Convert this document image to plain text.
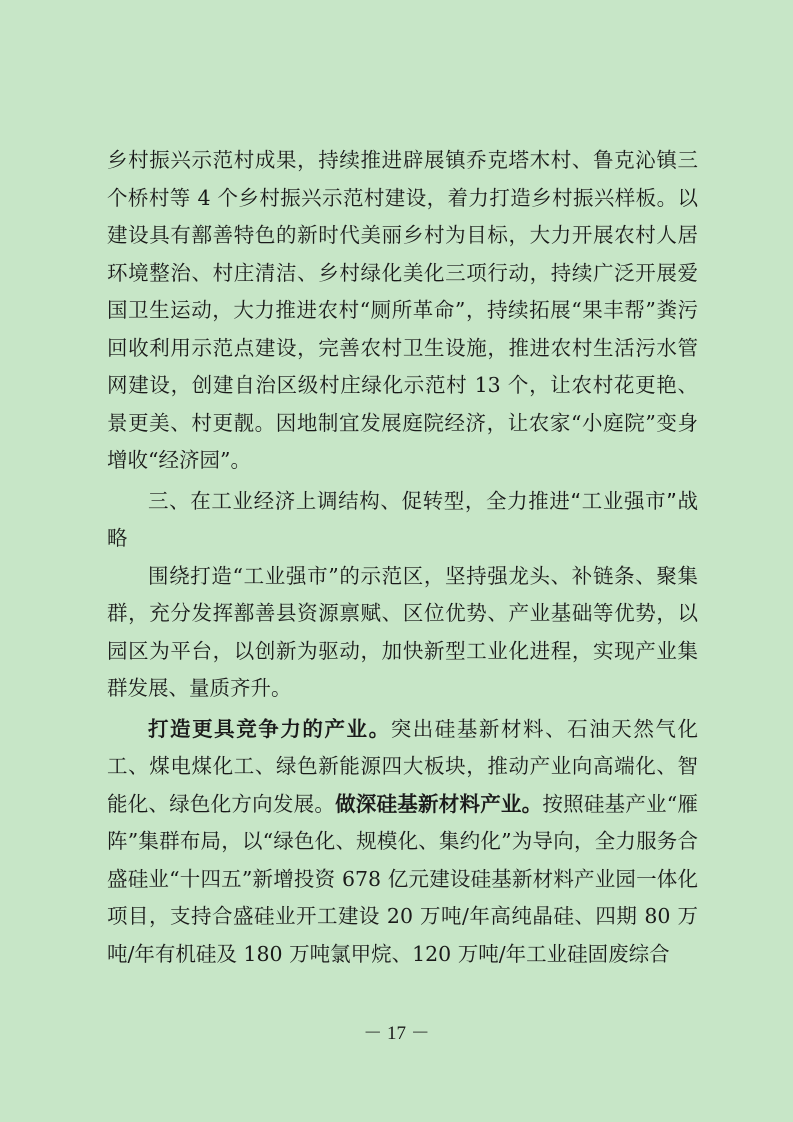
乡村振兴示范村成果，持续推进辟展镇乔克塔木村、鲁克沁镇三个桥村等 4 个乡村振兴示范村建设，着力打造乡村振兴样板。以建设具有鄯善特色的新时代美丽乡村为目标，大力开展农村人居环境整治、村庄清洁、乡村绿化美化三项行动，持续广泛开展爱国卫生运动，大力推进农村“厕所革命”，持续拓展“果丰帮”粪污回收利用示范点建设，完善农村卫生设施，推进农村生活污水管网建设，创建自治区级村庄绿化示范村 13 个，让农村花更艳、景更美、村更靓。因地制宜发展庭院经济，让农家“小庭院”变身增收“经济园”。

三、在工业经济上调结构、促转型，全力推进“工业强市”战略

围绕打造“工业强市”的示范区，坚持强龙头、补链条、聚集群，充分发挥鄯善县资源禀赋、区位优势、产业基础等优势，以园区为平台，以创新为驱动，加快新型工业化进程，实现产业集群发展、量质齐升。

打造更具竞争力的产业。突出硅基新材料、石油天然气化工、煤电煤化工、绿色新能源四大板块，推动产业向高端化、智能化、绿色化方向发展。做深硅基新材料产业。按照硅基产业“雁阵”集群布局，以“绿色化、规模化、集约化”为导向，全力服务合盛硅业“十四五”新增投资 678 亿元建设硅基新材料产业园一体化项目，支持合盛硅业开工建设 20 万吨/年高纯晶硅、四期 80 万吨/年有机硅及 180 万吨氯甲烷、120 万吨/年工业硅固废综合

－ 17 －
